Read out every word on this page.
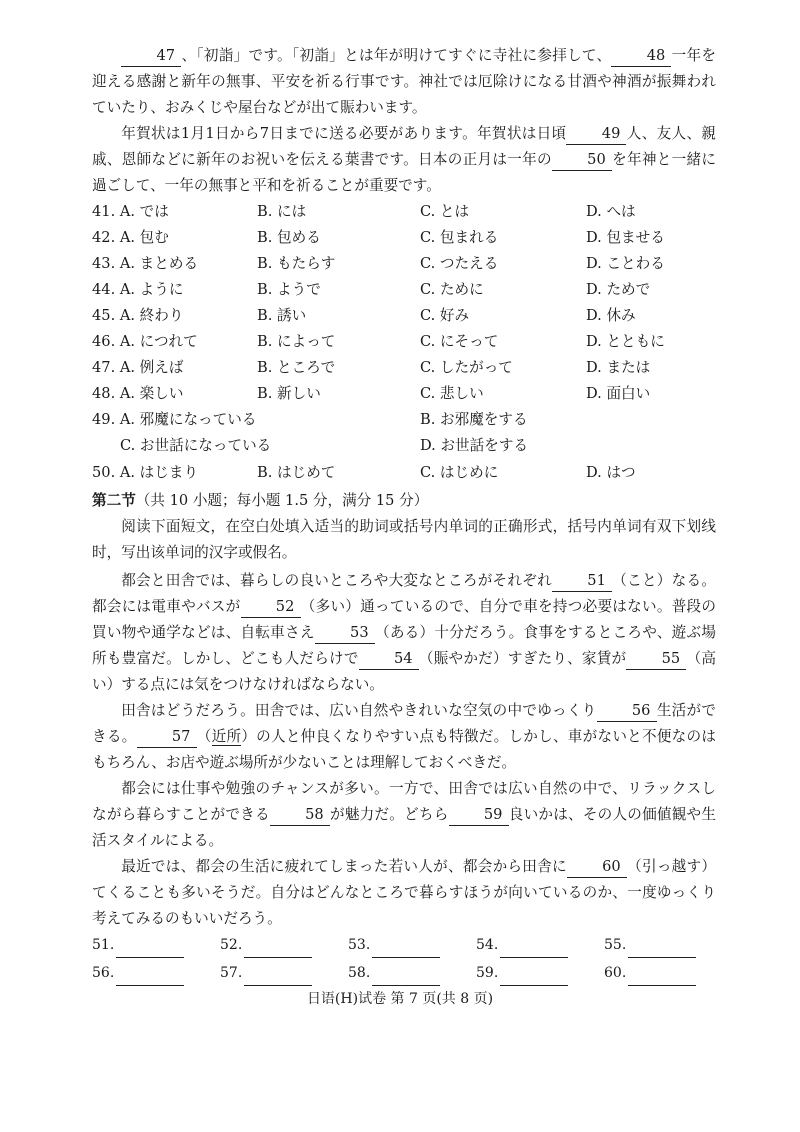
47 、「初詣」です。「初詣」とは年が明けてすぐに寺社に参拝して、 48 一年を迎える感謝と新年の無事、平安を祈る行事です。神社では厄除けになる甘酒や神酒が振舞われていたり、おみくじや屋台などが出て賑わいます。

年賀状は1月1日から7日までに送る必要があります。年賀状は日頃 49 人、友人、親戚、恩師などに新年のお祝いを伝える葉書です。日本の正月は一年の 50 を年神と一緒に過ごして、一年の無事と平和を祈ることが重要です。

41. A. では	B. には	C. とは	D. へは
42. A. 包む	B. 包める	C. 包まれる	D. 包ませる
43. A. まとめる	B. もたらす	C. つたえる	D. ことわる
44. A. ように	B. ようで	C. ために	D. ためで
45. A. 終わり	B. 誘い	C. 好み	D. 休み
46. A. につれて	B. によって	C. にそって	D. とともに
47. A. 例えば	B. ところで	C. したがって	D. または
48. A. 楽しい	B. 新しい	C. 悲しい	D. 面白い
49. A. 邪魔になっている	B. お邪魔をする
C. お世話になっている	D. お世話をする
50. A. はじまり	B. はじめて	C. はじめに	D. はつ
第二节（共 10 小题；每小题 1.5 分，满分 15 分）

阅读下面短文，在空白处填入适当的助词或括号内单词的正确形式，括号内单词有双下划线时，写出该单词的汉字或假名。

都会と田舎では、暮らしの良いところや大変なところがそれぞれ 51 （こと）なる。都会には電車やバスが 52 （多い）通っているので、自分で車を持つ必要はない。普段の買い物や通学などは、自転車さえ 53 （ある）十分だろう。食事をするところや、遊ぶ場所も豊富だ。しかし、どこも人だらけで 54 （賑やかだ）すぎたり、家賃が 55 （高い）する点には気をつけなければならない。

田舎はどうだろう。田舎では、広い自然やきれいな空気の中でゆっくり 56 生活ができる。 57 （近所）の人と仲良くなりやすい点も特徴だ。しかし、車がないと不便なのはもちろん、お店や遊ぶ場所が少ないことは理解しておくべきだ。

都会には仕事や勉強のチャンスが多い。一方で、田舎では広い自然の中で、リラックスしながら暮らすことができる 58 が魅力だ。どちら 59 良いかは、その人の価値観や生活スタイルによる。

最近では、都会の生活に疲れてしまった若い人が、都会から田舎に 60 （引っ越す）てくることも多いそうだ。自分はどんなところで暮らすほうが向いているのか、一度ゆっくり考えてみるのもいいだろう。

51.	52.	53.	54.	55.
56.	57.	58.	59.	60.
日语(H)试卷 第 7 页(共 8 页)
